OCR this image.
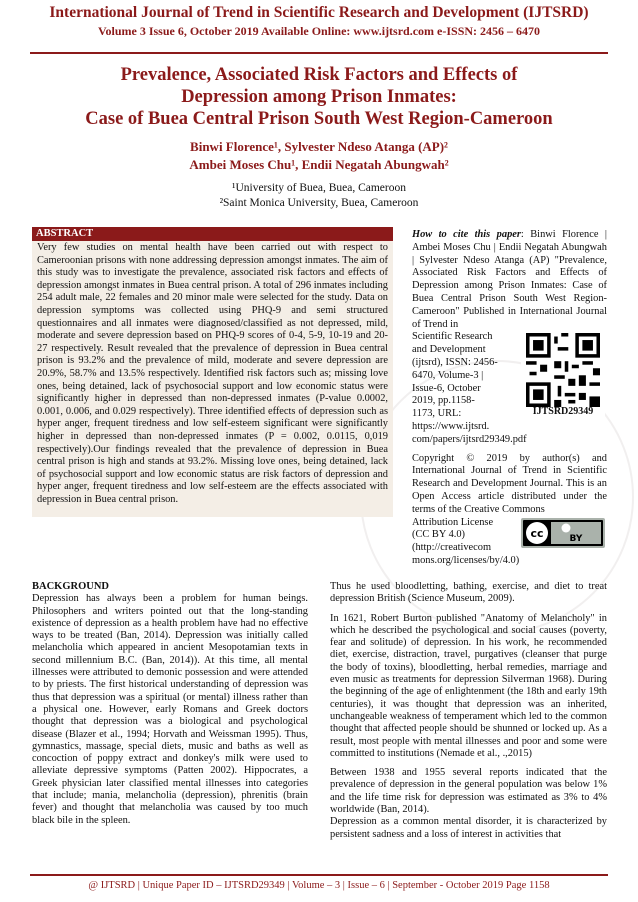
International Journal of Trend in Scientific Research and Development (IJTSRD)
Volume 3 Issue 6, October 2019 Available Online: www.ijtsrd.com e-ISSN: 2456 – 6470
Prevalence, Associated Risk Factors and Effects of
Depression among Prison Inmates:
Case of Buea Central Prison South West Region-Cameroon
Binwi Florence¹, Sylvester Ndeso Atanga (AP)²
Ambei Moses Chu¹, Endii Negatah Abungwah²
¹University of Buea, Buea, Cameroon
²Saint Monica University, Buea, Cameroon
ABSTRACT
Very few studies on mental health have been carried out with respect to Cameroonian prisons with none addressing depression amongst inmates. The aim of this study was to investigate the prevalence, associated risk factors and effects of depression amongst inmates in Buea central prison. A total of 296 inmates including 254 adult male, 22 females and 20 minor male were selected for the study. Data on depression symptoms was collected using PHQ-9 and semi structured questionnaires and all inmates were diagnosed/classified as not depressed, mild, moderate and severe depression based on PHQ-9 scores of 0-4, 5-9, 10-19 and 20-27 respectively. Result revealed that the prevalence of depression in Buea central prison is 93.2% and the prevalence of mild, moderate and severe depression are 20.9%, 58.7% and 13.5% respectively. Identified risk factors such as; missing love ones, being detained, lack of psychosocial support and low economic status were significantly higher in depressed than non-depressed inmates (P-value 0.0002, 0.001, 0.006, and 0.029 respectively). Three identified effects of depression such as hyper anger, frequent tiredness and low self-esteem significant were significantly higher in depressed than non-depressed inmates (P = 0.002, 0.0115, 0,019 respectively).Our findings revealed that the prevalence of depression in Buea central prison is high and stands at 93.2%. Missing love ones, being detained, lack of psychosocial support and low economic status are risk factors of depression and hyper anger, frequent tiredness and low self-esteem are the effects associated with depression in Buea central prison.
How to cite this paper: Binwi Florence | Ambei Moses Chu | Endii Negatah Abungwah | Sylvester Ndeso Atanga (AP) "Prevalence, Associated Risk Factors and Effects of Depression among Prison Inmates: Case of Buea Central Prison South West Region-Cameroon" Published in International Journal of Trend in
Scientific Research
and Development
(ijtsrd), ISSN: 2456-
6470, Volume-3 |
Issue-6, October
2019, pp.1158-
1173, URL:
https://www.ijtsrd.
com/papers/ijtsrd29349.pdf
Copyright © 2019 by author(s) and International Journal of Trend in Scientific Research and Development Journal. This is an Open Access article distributed under the terms of the Creative Commons
Attribution License
(CC BY 4.0)
(http://creativecom
mons.org/licenses/by/4.0)
IJTSRD29349
cc	BY
BACKGROUND
Depression has always been a problem for human beings. Philosophers and writers pointed out that the long-standing existence of depression as a health problem have had no effective ways to be treated (Ban, 2014). Depression was initially called melancholia which appeared in ancient Mesopotamian texts in second millennium B.C. (Ban, 2014)). At this time, all mental illnesses were attributed to demonic possession and were attended to by priests. The first historical understanding of depression was thus that depression was a spiritual (or mental) illness rather than a physical one. However, early Romans and Greek doctors thought that depression was a biological and psychological disease (Blazer et al., 1994; Horvath and Weissman 1995). Thus, gymnastics, massage, special diets, music and baths as well as concoction of poppy extract and donkey's milk were used to alleviate depressive symptoms (Patten 2002). Hippocrates, a Greek physician later classified mental illnesses into categories that include; mania, melancholia (depression), phrenitis (brain fever) and thought that melancholia was caused by too much black bile in the spleen.

Thus he used bloodletting, bathing, exercise, and diet to treat depression British (Science Museum, 2009).

In 1621, Robert Burton published "Anatomy of Melancholy" in which he described the psychological and social causes (poverty, fear and solitude) of depression. In his work, he recommended diet, exercise, distraction, travel, purgatives (cleanser that purge the body of toxins), bloodletting, herbal remedies, marriage and even music as treatments for depression Silverman 1968). During the beginning of the age of enlightenment (the 18th and early 19th centuries), it was thought that depression was an inherited, unchangeable weakness of temperament which led to the common thought that affected people should be shunned or locked up. As a result, most people with mental illnesses and poor and some were committed to institutions (Nemade et al., .,2015)

Between 1938 and 1955 several reports indicated that the prevalence of depression in the general population was below 1% and the life time risk for depression was estimated as 3% to 4% worldwide (Ban, 2014).

Depression as a common mental disorder, it is characterized by persistent sadness and a loss of interest in activities that

@ IJTSRD | Unique Paper ID – IJTSRD29349 | Volume – 3 | Issue – 6 | September - October 2019 Page 1158
